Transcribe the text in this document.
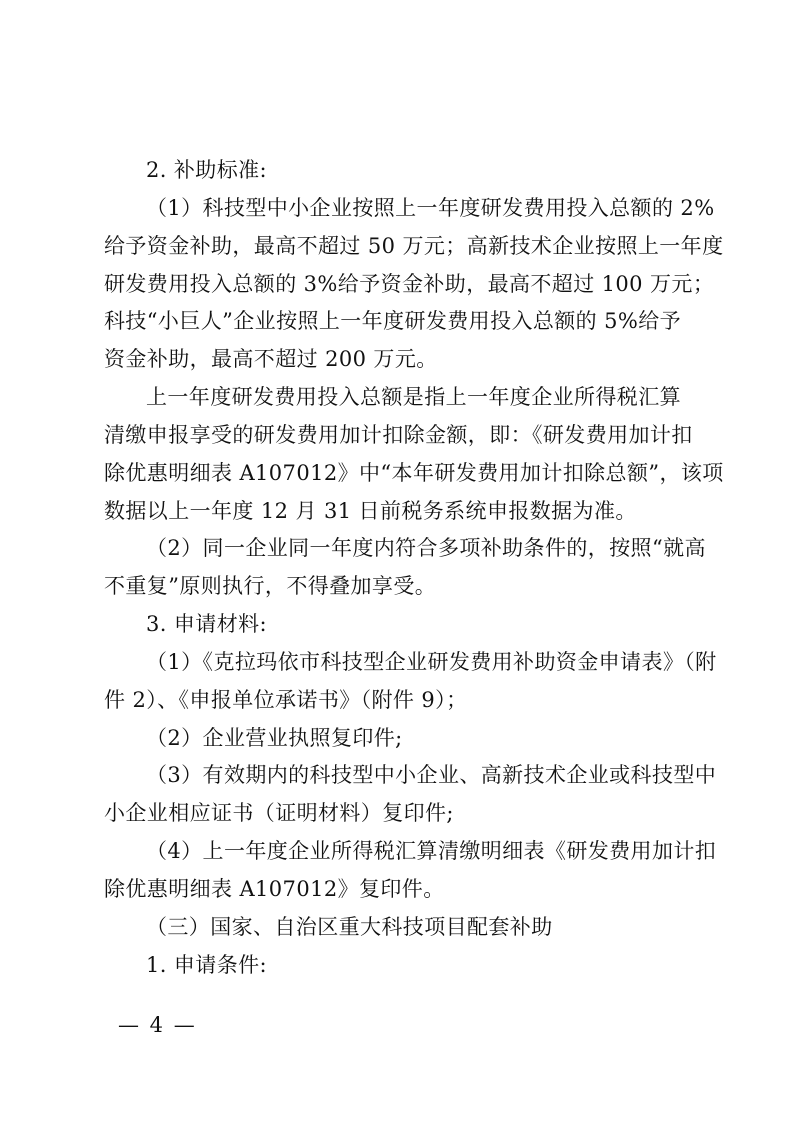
2. 补助标准:
（1）科技型中小企业按照上一年度研发费用投入总额的 2%
给予资金补助，最高不超过 50 万元；高新技术企业按照上一年度
研发费用投入总额的 3%给予资金补助，最高不超过 100 万元；
科技“小巨人”企业按照上一年度研发费用投入总额的 5%给予
资金补助，最高不超过 200 万元。
上一年度研发费用投入总额是指上一年度企业所得税汇算
清缴申报享受的研发费用加计扣除金额，即：《研发费用加计扣
除优惠明细表 A107012》中“本年研发费用加计扣除总额”，该项
数据以上一年度 12 月 31 日前税务系统申报数据为准。
（2）同一企业同一年度内符合多项补助条件的，按照“就高
不重复”原则执行，不得叠加享受。
3. 申请材料:
（1）《克拉玛依市科技型企业研发费用补助资金申请表》（附
件 2）、《申报单位承诺书》（附件 9）；
（2）企业营业执照复印件;
（3）有效期内的科技型中小企业、高新技术企业或科技型中
小企业相应证书（证明材料）复印件;
（4）上一年度企业所得税汇算清缴明细表《研发费用加计扣
除优惠明细表 A107012》复印件。
（三）国家、自治区重大科技项目配套补助
1. 申请条件:
— 4 —
